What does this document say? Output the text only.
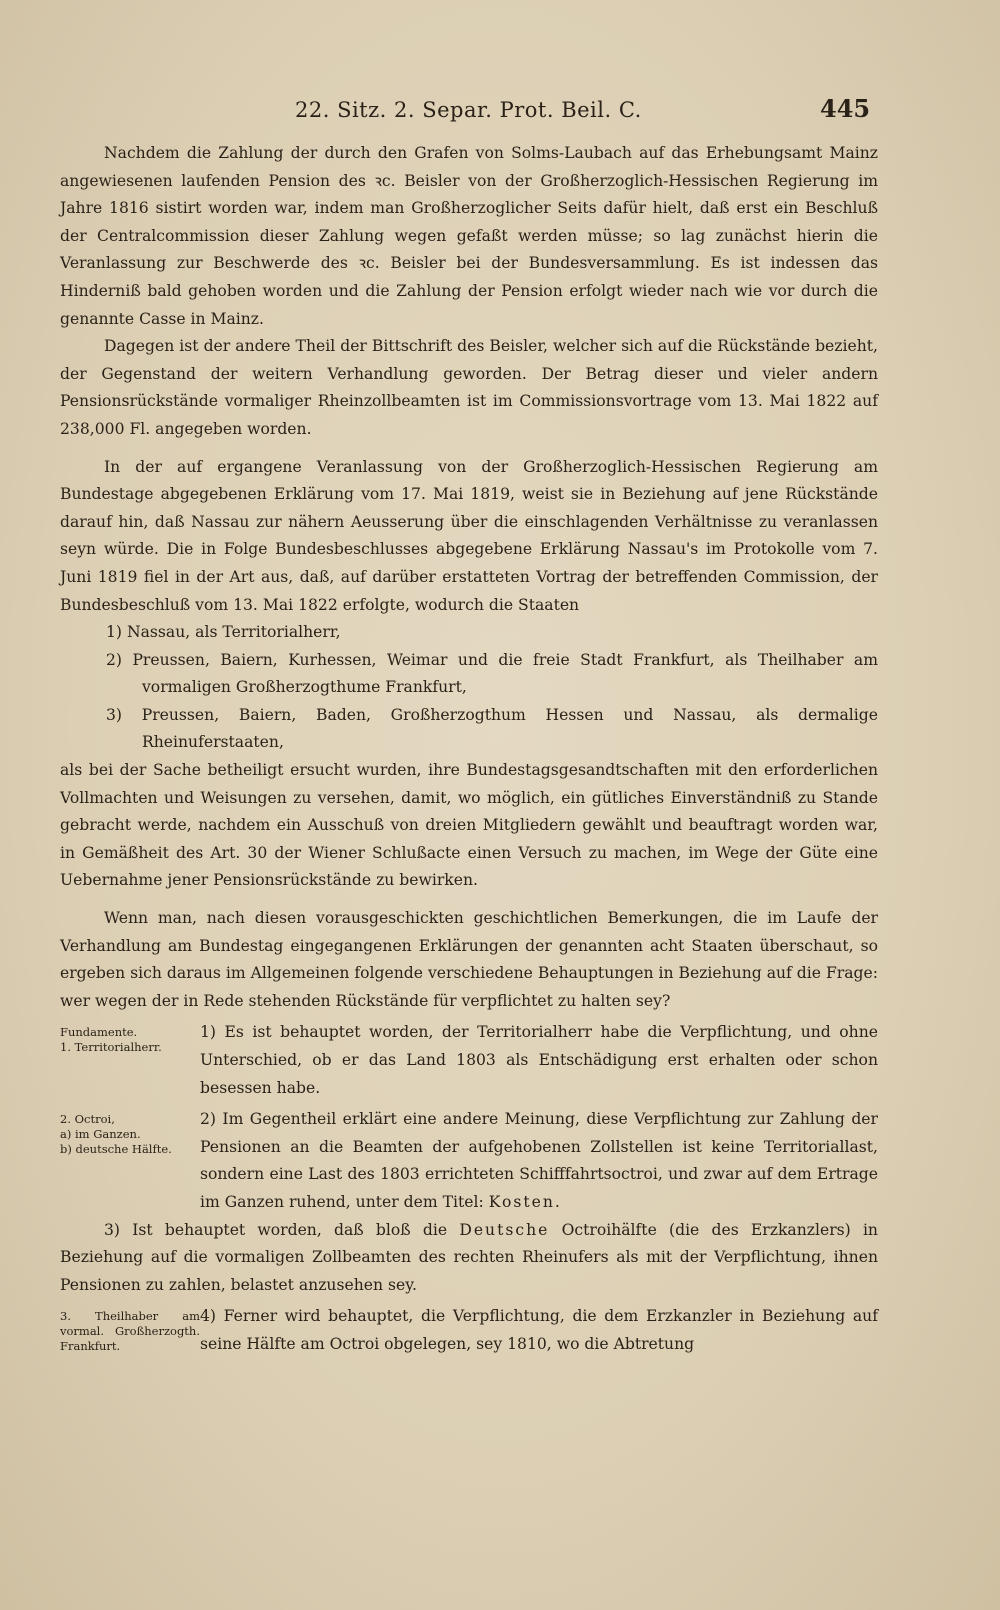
22. Sitz. 2. Separ. Prot. Beil. C.	445

Nachdem die Zahlung der durch den Grafen von Solms-Laubach auf das Erhebungsamt Mainz angewiesenen laufenden Pension des ꝛc. Beisler von der Großherzoglich-Hessischen Regierung im Jahre 1816 sistirt worden war, indem man Großherzoglicher Seits dafür hielt, daß erst ein Beschluß der Centralcommission dieser Zahlung wegen gefaßt werden müsse; so lag zunächst hierin die Veranlassung zur Beschwerde des ꝛc. Beisler bei der Bundesversammlung. Es ist indessen das Hinderniß bald gehoben worden und die Zahlung der Pension erfolgt wieder nach wie vor durch die genannte Casse in Mainz.

Dagegen ist der andere Theil der Bittschrift des Beisler, welcher sich auf die Rückstände bezieht, der Gegenstand der weitern Verhandlung geworden. Der Betrag dieser und vieler andern Pensionsrückstände vormaliger Rheinzollbeamten ist im Commissionsvortrage vom 13. Mai 1822 auf 238,000 Fl. angegeben worden.

In der auf ergangene Veranlassung von der Großherzoglich-Hessischen Regierung am Bundestage abgegebenen Erklärung vom 17. Mai 1819, weist sie in Beziehung auf jene Rückstände darauf hin, daß Nassau zur nähern Aeusserung über die einschlagenden Verhältnisse zu veranlassen seyn würde. Die in Folge Bundesbeschlusses abgegebene Erklärung Nassau's im Protokolle vom 7. Juni 1819 fiel in der Art aus, daß, auf darüber erstatteten Vortrag der betreffenden Commission, der Bundesbeschluß vom 13. Mai 1822 erfolgte, wodurch die Staaten

1) Nassau, als Territorialherr,
2) Preussen, Baiern, Kurhessen, Weimar und die freie Stadt Frankfurt, als Theilhaber am vormaligen Großherzogthume Frankfurt,
3) Preussen, Baiern, Baden, Großherzogthum Hessen und Nassau, als dermalige Rheinuferstaaten,

als bei der Sache betheiligt ersucht wurden, ihre Bundestagsgesandtschaften mit den erforderlichen Vollmachten und Weisungen zu versehen, damit, wo möglich, ein gütliches Einverständniß zu Stande gebracht werde, nachdem ein Ausschuß von dreien Mitgliedern gewählt und beauftragt worden war, in Gemäßheit des Art. 30 der Wiener Schlußacte einen Versuch zu machen, im Wege der Güte eine Uebernahme jener Pensionsrückstände zu bewirken.

Wenn man, nach diesen vorausgeschickten geschichtlichen Bemerkungen, die im Laufe der Verhandlung am Bundestag eingegangenen Erklärungen der genannten acht Staaten überschaut, so ergeben sich daraus im Allgemeinen folgende verschiedene Behauptungen in Beziehung auf die Frage: wer wegen der in Rede stehenden Rückstände für verpflichtet zu halten sey?

Fundamente.
1. Territorialherr.

1) Es ist behauptet worden, der Territorialherr habe die Verpflichtung, und ohne Unterschied, ob er das Land 1803 als Entschädigung erst erhalten oder schon besessen habe.

2. Octroi,
a) im Ganzen.
b) deutsche Hälfte.

2) Im Gegentheil erklärt eine andere Meinung, diese Verpflichtung zur Zahlung der Pensionen an die Beamten der aufgehobenen Zollstellen ist keine Territoriallast, sondern eine Last des 1803 errichteten Schifffahrtsoctroi, und zwar auf dem Ertrage im Ganzen ruhend, unter dem Titel: Kosten.

3) Ist behauptet worden, daß bloß die Deutsche Octroihälfte (die des Erzkanzlers) in Beziehung auf die vormaligen Zollbeamten des rechten Rheinufers als mit der Verpflichtung, ihnen Pensionen zu zahlen, belastet anzusehen sey.

3. Theilhaber am vormal. Großherzogth. Frankfurt.

4) Ferner wird behauptet, die Verpflichtung, die dem Erzkanzler in Beziehung auf seine Hälfte am Octroi obgelegen, sey 1810, wo die Abtretung
